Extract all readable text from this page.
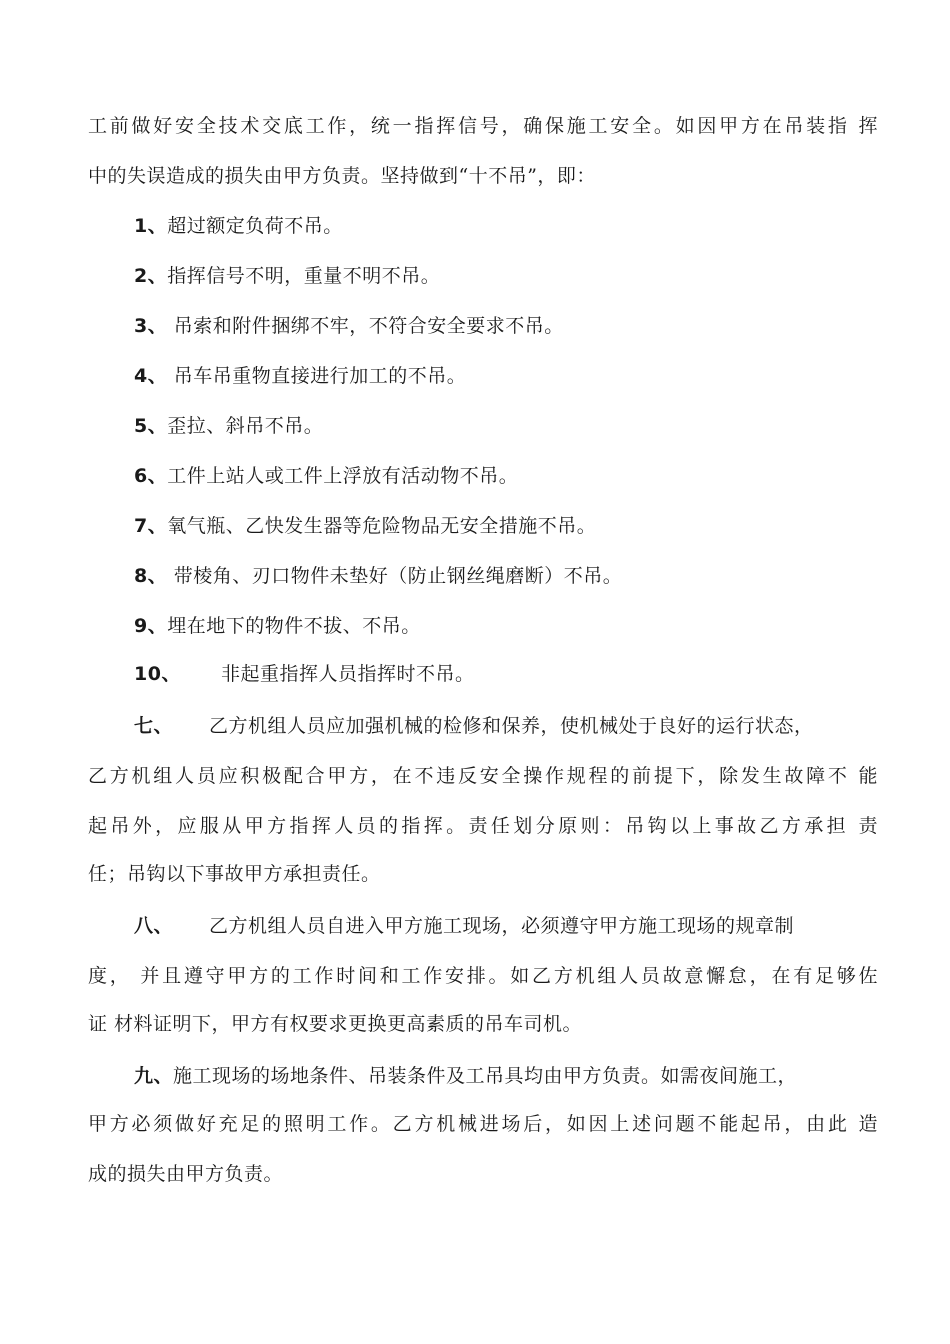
工前做好安全技术交底工作，统一指挥信号，确保施工安全。如因甲方在吊装指 挥
中的失误造成的损失由甲方负责。坚持做到“十不吊”，即：
1、超过额定负荷不吊。
2、指挥信号不明，重量不明不吊。
3、 吊索和附件捆绑不牢，不符合安全要求不吊。
4、 吊车吊重物直接进行加工的不吊。
5、歪拉、斜吊不吊。
6、工件上站人或工件上浮放有活动物不吊。
7、氧气瓶、乙快发生器等危险物品无安全措施不吊。
8、 带棱角、刃口物件未垫好（防止钢丝绳磨断）不吊。
9、埋在地下的物件不拔、不吊。
10、 非起重指挥人员指挥时不吊。
七、 乙方机组人员应加强机械的检修和保养，使机械处于良好的运行状态，
乙方机组人员应积极配合甲方，在不违反安全操作规程的前提下，除发生故障不 能
起吊外，应服从甲方指挥人员的指挥。责任划分原则：吊钩以上事故乙方承担 责
任；吊钩以下事故甲方承担责任。
八、 乙方机组人员自进入甲方施工现场，必须遵守甲方施工现场的规章制
度， 并且遵守甲方的工作时间和工作安排。如乙方机组人员故意懈怠，在有足够佐
证 材料证明下，甲方有权要求更换更高素质的吊车司机。
九、施工现场的场地条件、吊装条件及工吊具均由甲方负责。如需夜间施工，
甲方必须做好充足的照明工作。乙方机械进场后，如因上述问题不能起吊，由此 造
成的损失由甲方负责。
